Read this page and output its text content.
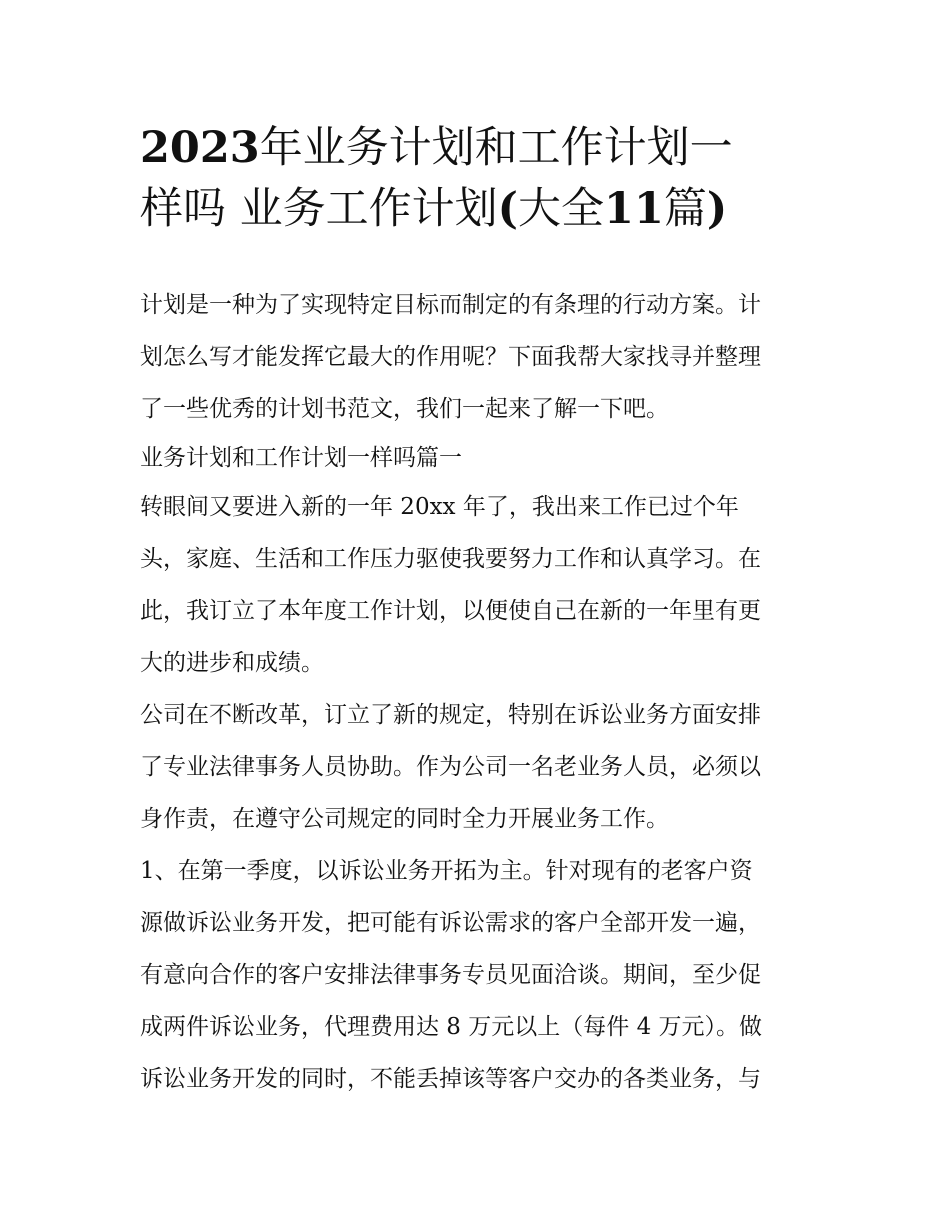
2023年业务计划和工作计划一
样吗 业务工作计划(大全11篇)

计划是一种为了实现特定目标而制定的有条理的行动方案。计

划怎么写才能发挥它最大的作用呢？下面我帮大家找寻并整理

了一些优秀的计划书范文，我们一起来了解一下吧。

业务计划和工作计划一样吗篇一

转眼间又要进入新的一年 20xx 年了，我出来工作已过个年

头，家庭、生活和工作压力驱使我要努力工作和认真学习。在

此，我订立了本年度工作计划，以便使自己在新的一年里有更

大的进步和成绩。

公司在不断改革，订立了新的规定，特别在诉讼业务方面安排

了专业法律事务人员协助。作为公司一名老业务人员，必须以

身作责，在遵守公司规定的同时全力开展业务工作。

1、在第一季度，以诉讼业务开拓为主。针对现有的老客户资

源做诉讼业务开发，把可能有诉讼需求的客户全部开发一遍，

有意向合作的客户安排法律事务专员见面洽谈。期间，至少促

成两件诉讼业务，代理费用达 8 万元以上（每件 4 万元）。做

诉讼业务开发的同时，不能丢掉该等客户交办的各类业务，与
